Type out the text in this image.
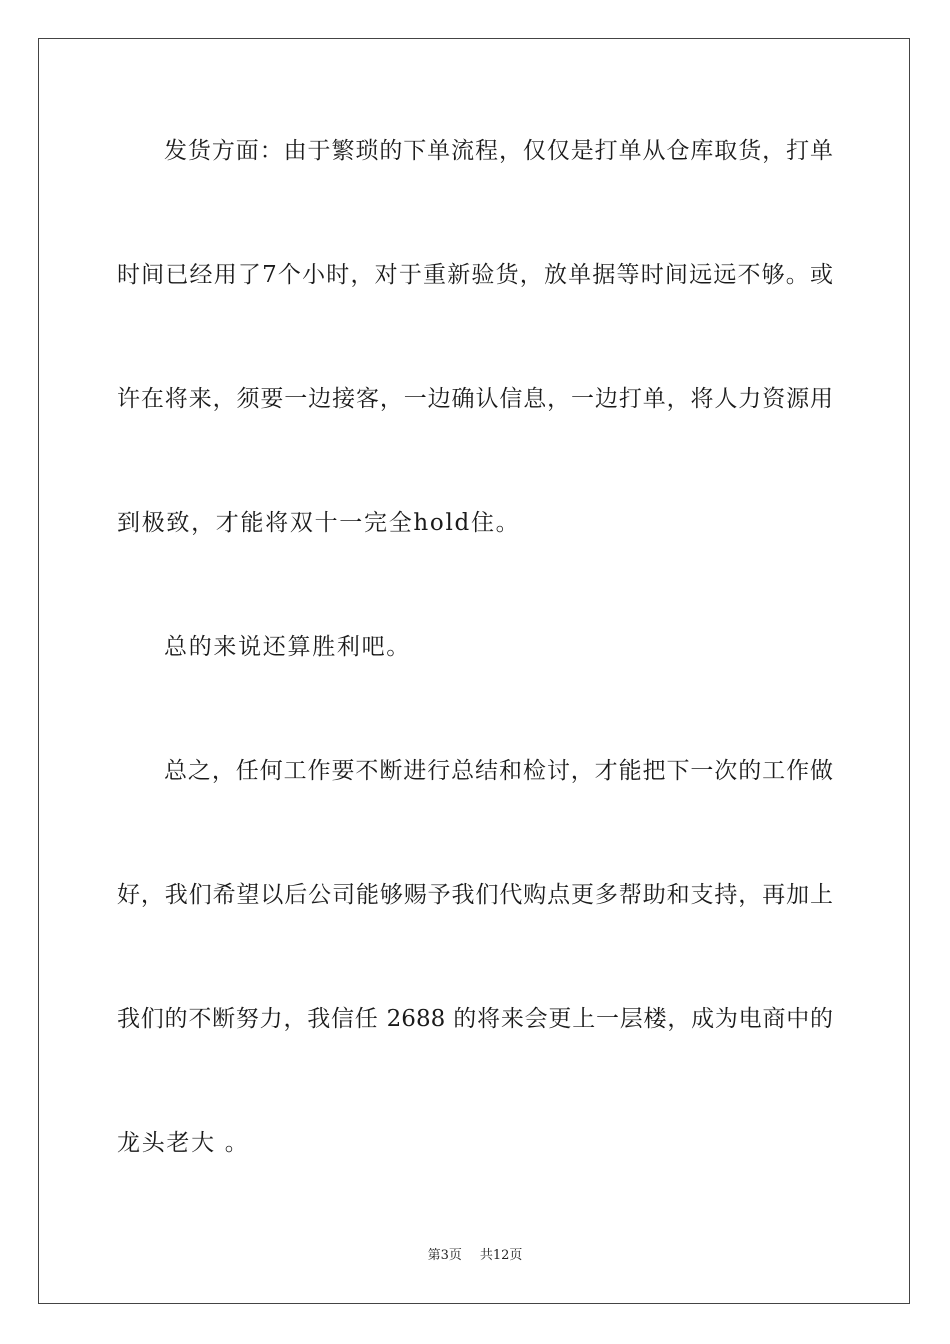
发货方面：由于繁琐的下单流程，仅仅是打单从仓库取货，打单
时间已经用了7个小时，对于重新验货，放单据等时间远远不够。或
许在将来，须要一边接客，一边确认信息，一边打单，将人力资源用
到极致，才能将双十一完全hold住。
总的来说还算胜利吧。
总之，任何工作要不断进行总结和检讨，才能把下一次的工作做
好，我们希望以后公司能够赐予我们代购点更多帮助和支持，再加上
我们的不断努力，我信任 2688 的将来会更上一层楼，成为电商中的
龙头老大 。
第3页 共12页
